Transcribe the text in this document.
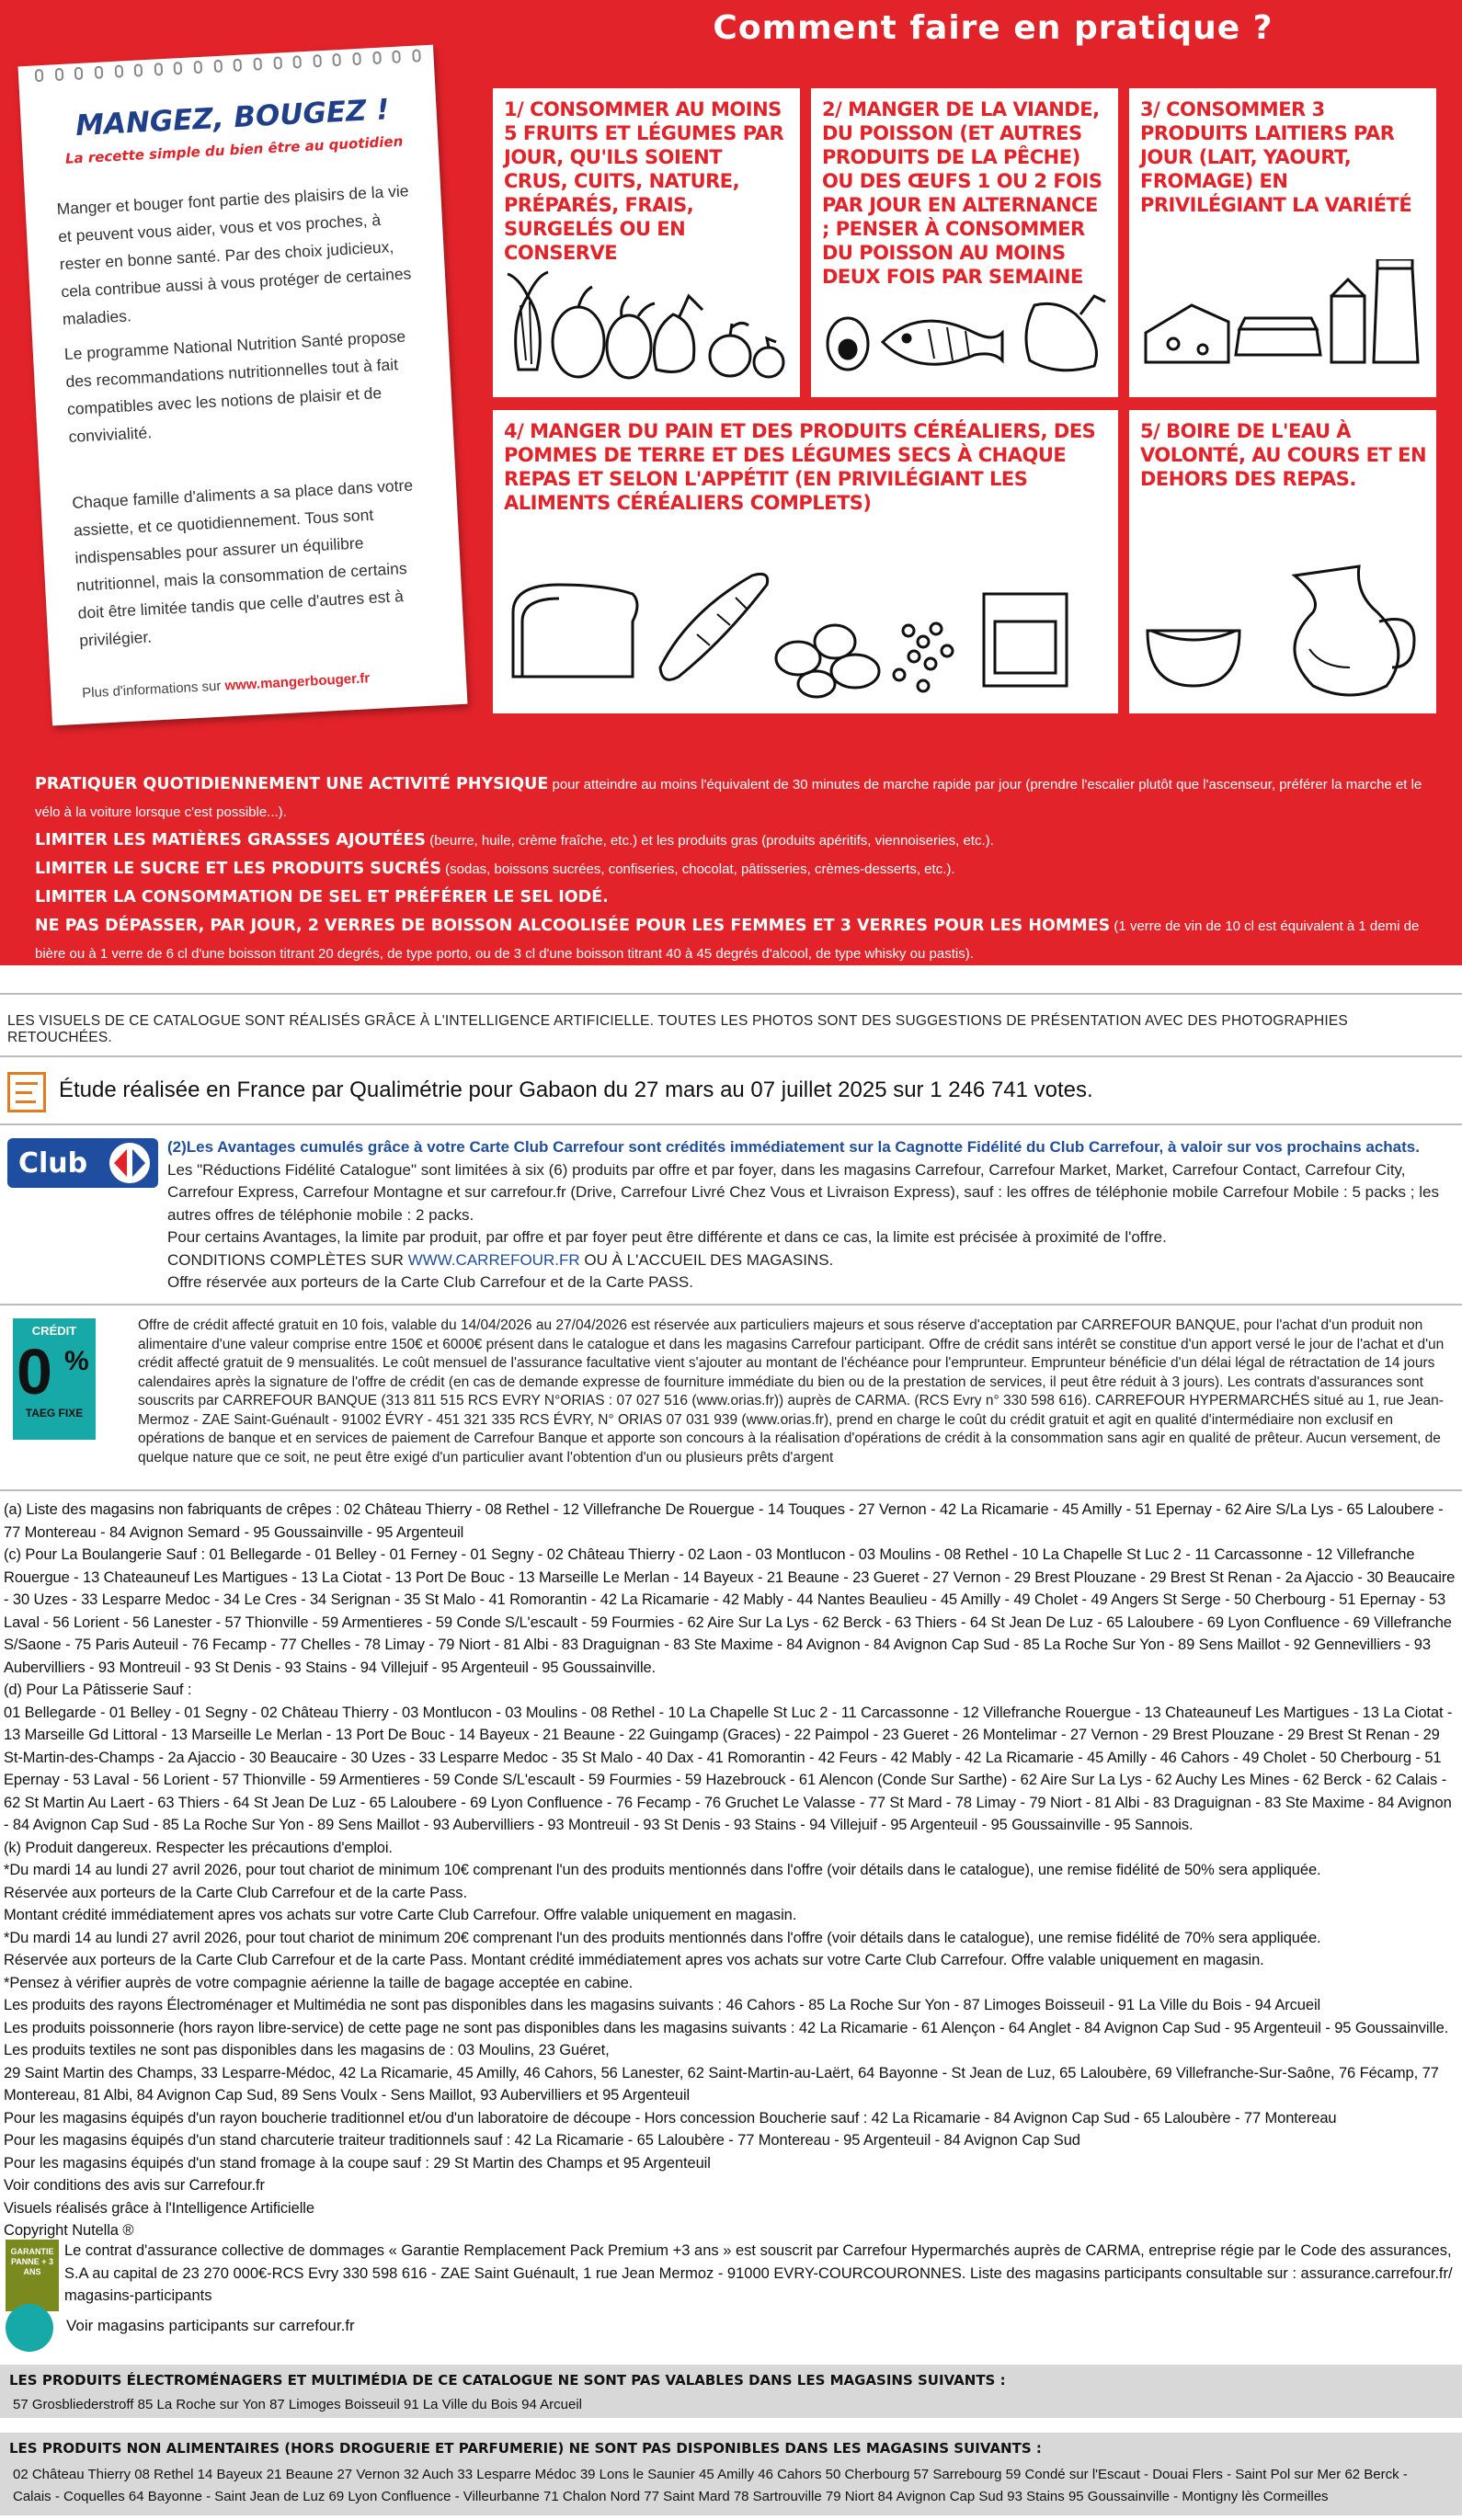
Comment faire en pratique ?
MANGEZ, BOUGEZ !
La recette simple du bien être au quotidien
Manger et bouger font partie des plaisirs de la vie et peuvent vous aider, vous et vos proches, à rester en bonne santé. Par des choix judicieux, cela contribue aussi à vous protéger de certaines maladies.
Le programme National Nutrition Santé propose des recommandations nutritionnelles tout à fait compatibles avec les notions de plaisir et de convivialité.
Chaque famille d'aliments a sa place dans votre assiette, et ce quotidiennement. Tous sont indispensables pour assurer un équilibre nutritionnel, mais la consommation de certains doit être limitée tandis que celle d'autres est à privilégier.
Plus d'informations sur www.mangerbouger.fr
1/ CONSOMMER AU MOINS 5 FRUITS ET LÉGUMES PAR JOUR, QU'ILS SOIENT CRUS, CUITS, NATURE, PRÉPARÉS, FRAIS, SURGELÉS OU EN CONSERVE
2/ MANGER DE LA VIANDE, DU POISSON (ET AUTRES PRODUITS DE LA PÊCHE) OU DES ŒUFS 1 OU 2 FOIS PAR JOUR EN ALTERNANCE ; PENSER À CONSOMMER DU POISSON AU MOINS DEUX FOIS PAR SEMAINE
3/ CONSOMMER 3 PRODUITS LAITIERS PAR JOUR (LAIT, YAOURT, FROMAGE) EN PRIVILÉGIANT LA VARIÉTÉ
4/ MANGER DU PAIN ET DES PRODUITS CÉRÉALIERS, DES POMMES DE TERRE ET DES LÉGUMES SECS À CHAQUE REPAS ET SELON L'APPÉTIT (EN PRIVILÉGIANT LES ALIMENTS CÉRÉALIERS COMPLETS)
5/ BOIRE DE L'EAU À VOLONTÉ, AU COURS ET EN DEHORS DES REPAS.
PRATIQUER QUOTIDIENNEMENT UNE ACTIVITÉ PHYSIQUE pour atteindre au moins l'équivalent de 30 minutes de marche rapide par jour (prendre l'escalier plutôt que l'ascenseur, préférer la marche et le vélo à la voiture lorsque c'est possible...).
LIMITER LES MATIÈRES GRASSES AJOUTÉES (beurre, huile, crème fraîche, etc.) et les produits gras (produits apéritifs, viennoiseries, etc.).
LIMITER LE SUCRE ET LES PRODUITS SUCRÉS (sodas, boissons sucrées, confiseries, chocolat, pâtisseries, crèmes-desserts, etc.).
LIMITER LA CONSOMMATION DE SEL ET PRÉFÉRER LE SEL IODÉ.
NE PAS DÉPASSER, PAR JOUR, 2 VERRES DE BOISSON ALCOOLISÉE POUR LES FEMMES ET 3 VERRES POUR LES HOMMES (1 verre de vin de 10 cl est équivalent à 1 demi de bière ou à 1 verre de 6 cl d'une boisson titrant 20 degrés, de type porto, ou de 3 cl d'une boisson titrant 40 à 45 degrés d'alcool, de type whisky ou pastis).
LES VISUELS DE CE CATALOGUE SONT RÉALISÉS GRÂCE À L'INTELLIGENCE ARTIFICIELLE. TOUTES LES PHOTOS SONT DES SUGGESTIONS DE PRÉSENTATION AVEC DES PHOTOGRAPHIES RETOUCHÉES.
Étude réalisée en France par Qualimétrie pour Gabaon du 27 mars au 07 juillet 2025 sur 1 246 741 votes.
Club
(2)Les Avantages cumulés grâce à votre Carte Club Carrefour sont crédités immédiatement sur la Cagnotte Fidélité du Club Carrefour, à valoir sur vos prochains achats.
Les "Réductions Fidélité Catalogue" sont limitées à six (6) produits par offre et par foyer, dans les magasins Carrefour, Carrefour Market, Market, Carrefour Contact, Carrefour City, Carrefour Express, Carrefour Montagne et sur carrefour.fr (Drive, Carrefour Livré Chez Vous et Livraison Express), sauf : les offres de téléphonie mobile Carrefour Mobile : 5 packs ; les autres offres de téléphonie mobile : 2 packs.
Pour certains Avantages, la limite par produit, par offre et par foyer peut être différente et dans ce cas, la limite est précisée à proximité de l'offre.
CONDITIONS COMPLÈTES SUR WWW.CARREFOUR.FR OU À L'ACCUEIL DES MAGASINS.
Offre réservée aux porteurs de la Carte Club Carrefour et de la Carte PASS.
CRÉDIT
0 %
TAEG FIXE
Offre de crédit affecté gratuit en 10 fois, valable du 14/04/2026 au 27/04/2026 est réservée aux particuliers majeurs et sous réserve d'acceptation par CARREFOUR BANQUE, pour l'achat d'un produit non alimentaire d'une valeur comprise entre 150€ et 6000€ présent dans le catalogue et dans les magasins Carrefour participant. Offre de crédit sans intérêt se constitue d'un apport versé le jour de l'achat et d'un crédit affecté gratuit de 9 mensualités. Le coût mensuel de l'assurance facultative vient s'ajouter au montant de l'échéance pour l'emprunteur. Emprunteur bénéficie d'un délai légal de rétractation de 14 jours calendaires après la signature de l'offre de crédit (en cas de demande expresse de fourniture immédiate du bien ou de la prestation de services, il peut être réduit à 3 jours). Les contrats d'assurances sont souscrits par CARREFOUR BANQUE (313 811 515 RCS EVRY N°ORIAS : 07 027 516 (www.orias.fr)) auprès de CARMA. (RCS Evry n° 330 598 616). CARREFOUR HYPERMARCHÉS situé au 1, rue Jean-Mermoz - ZAE Saint-Guénault - 91002 ÉVRY - 451 321 335 RCS ÉVRY, N° ORIAS 07 031 939 (www.orias.fr), prend en charge le coût du crédit gratuit et agit en qualité d'intermédiaire non exclusif en opérations de banque et en services de paiement de Carrefour Banque et apporte son concours à la réalisation d'opérations de crédit à la consommation sans agir en qualité de prêteur. Aucun versement, de quelque nature que ce soit, ne peut être exigé d'un particulier avant l'obtention d'un ou plusieurs prêts d'argent

(a) Liste des magasins non fabriquants de crêpes : 02 Château Thierry - 08 Rethel - 12 Villefranche De Rouergue - 14 Touques - 27 Vernon - 42 La Ricamarie - 45 Amilly - 51 Epernay - 62 Aire S/La Lys - 65 Laloubere - 77 Montereau - 84 Avignon Semard - 95 Goussainville - 95 Argenteuil

(c) Pour La Boulangerie Sauf : 01 Bellegarde - 01 Belley - 01 Ferney - 01 Segny - 02 Château Thierry - 02 Laon - 03 Montlucon - 03 Moulins - 08 Rethel - 10 La Chapelle St Luc 2 - 11 Carcassonne - 12 Villefranche Rouergue - 13 Chateauneuf Les Martigues - 13 La Ciotat - 13 Port De Bouc - 13 Marseille Le Merlan - 14 Bayeux - 21 Beaune - 23 Gueret - 27 Vernon - 29 Brest Plouzane - 29 Brest St Renan - 2a Ajaccio - 30 Beaucaire - 30 Uzes - 33 Lesparre Medoc - 34 Le Cres - 34 Serignan - 35 St Malo - 41 Romorantin - 42 La Ricamarie - 42 Mably - 44 Nantes Beaulieu - 45 Amilly - 49 Cholet - 49 Angers St Serge - 50 Cherbourg - 51 Epernay - 53 Laval - 56 Lorient - 56 Lanester - 57 Thionville - 59 Armentieres - 59 Conde S/L'escault - 59 Fourmies - 62 Aire Sur La Lys - 62 Berck - 63 Thiers - 64 St Jean De Luz - 65 Laloubere - 69 Lyon Confluence - 69 Villefranche S/Saone - 75 Paris Auteuil - 76 Fecamp - 77 Chelles - 78 Limay - 79 Niort - 81 Albi - 83 Draguignan - 83 Ste Maxime - 84 Avignon - 84 Avignon Cap Sud - 85 La Roche Sur Yon - 89 Sens Maillot - 92 Gennevilliers - 93 Aubervilliers - 93 Montreuil - 93 St Denis - 93 Stains - 94 Villejuif - 95 Argenteuil - 95 Goussainville.

(d) Pour La Pâtisserie Sauf :

01 Bellegarde - 01 Belley - 01 Segny - 02 Château Thierry - 03 Montlucon - 03 Moulins - 08 Rethel - 10 La Chapelle St Luc 2 - 11 Carcassonne - 12 Villefranche Rouergue - 13 Chateauneuf Les Martigues - 13 La Ciotat - 13 Marseille Gd Littoral - 13 Marseille Le Merlan - 13 Port De Bouc - 14 Bayeux - 21 Beaune - 22 Guingamp (Graces) - 22 Paimpol - 23 Gueret - 26 Montelimar - 27 Vernon - 29 Brest Plouzane - 29 Brest St Renan - 29 St-Martin-des-Champs - 2a Ajaccio - 30 Beaucaire - 30 Uzes - 33 Lesparre Medoc - 35 St Malo - 40 Dax - 41 Romorantin - 42 Feurs - 42 Mably - 42 La Ricamarie - 45 Amilly - 46 Cahors - 49 Cholet - 50 Cherbourg - 51 Epernay - 53 Laval - 56 Lorient - 57 Thionville - 59 Armentieres - 59 Conde S/L'escault - 59 Fourmies - 59 Hazebrouck - 61 Alencon (Conde Sur Sarthe) - 62 Aire Sur La Lys - 62 Auchy Les Mines - 62 Berck - 62 Calais - 62 St Martin Au Laert - 63 Thiers - 64 St Jean De Luz - 65 Laloubere - 69 Lyon Confluence - 76 Fecamp - 76 Gruchet Le Valasse - 77 St Mard - 78 Limay - 79 Niort - 81 Albi - 83 Draguignan - 83 Ste Maxime - 84 Avignon - 84 Avignon Cap Sud - 85 La Roche Sur Yon - 89 Sens Maillot - 93 Aubervilliers - 93 Montreuil - 93 St Denis - 93 Stains - 94 Villejuif - 95 Argenteuil - 95 Goussainville - 95 Sannois.

(k) Produit dangereux. Respecter les précautions d'emploi.

*Du mardi 14 au lundi 27 avril 2026, pour tout chariot de minimum 10€ comprenant l'un des produits mentionnés dans l'offre (voir détails dans le catalogue), une remise fidélité de 50% sera appliquée.

Réservée aux porteurs de la Carte Club Carrefour et de la carte Pass.

Montant crédité immédiatement apres vos achats sur votre Carte Club Carrefour. Offre valable uniquement en magasin.

*Du mardi 14 au lundi 27 avril 2026, pour tout chariot de minimum 20€ comprenant l'un des produits mentionnés dans l'offre (voir détails dans le catalogue), une remise fidélité de 70% sera appliquée.

Réservée aux porteurs de la Carte Club Carrefour et de la carte Pass. Montant crédité immédiatement apres vos achats sur votre Carte Club Carrefour. Offre valable uniquement en magasin.

*Pensez à vérifier auprès de votre compagnie aérienne la taille de bagage acceptée en cabine.

Les produits des rayons Électroménager et Multimédia ne sont pas disponibles dans les magasins suivants : 46 Cahors - 85 La Roche Sur Yon - 87 Limoges Boisseuil - 91 La Ville du Bois - 94 Arcueil

Les produits poissonnerie (hors rayon libre-service) de cette page ne sont pas disponibles dans les magasins suivants : 42 La Ricamarie - 61 Alençon - 64 Anglet - 84 Avignon Cap Sud - 95 Argenteuil - 95 Goussainville.

Les produits textiles ne sont pas disponibles dans les magasins de : 03 Moulins, 23 Guéret,

29 Saint Martin des Champs, 33 Lesparre-Médoc, 42 La Ricamarie, 45 Amilly, 46 Cahors, 56 Lanester, 62 Saint-Martin-au-Laërt, 64 Bayonne - St Jean de Luz, 65 Laloubère, 69 Villefranche-Sur-Saône, 76 Fécamp, 77 Montereau, 81 Albi, 84 Avignon Cap Sud, 89 Sens Voulx - Sens Maillot, 93 Aubervilliers et 95 Argenteuil

Pour les magasins équipés d'un rayon boucherie traditionnel et/ou d'un laboratoire de découpe - Hors concession Boucherie sauf : 42 La Ricamarie - 84 Avignon Cap Sud - 65 Laloubère - 77 Montereau

Pour les magasins équipés d'un stand charcuterie traiteur traditionnels sauf : 42 La Ricamarie - 65 Laloubère - 77 Montereau - 95 Argenteuil - 84 Avignon Cap Sud

Pour les magasins équipés d'un stand fromage à la coupe sauf : 29 St Martin des Champs et 95 Argenteuil

Voir conditions des avis sur Carrefour.fr

Visuels réalisés grâce à l'Intelligence Artificielle

Copyright Nutella ®

GARANTIE PANNE + 3 ANS
Le contrat d'assurance collective de dommages « Garantie Remplacement Pack Premium +3 ans » est souscrit par Carrefour Hypermarchés auprès de CARMA, entreprise régie par le Code des assurances, S.A au capital de 23 270 000€-RCS Evry 330 598 616 - ZAE Saint Guénault, 1 rue Jean Mermoz - 91000 EVRY-COURCOURONNES. Liste des magasins participants consultable sur : assurance.carrefour.fr/ magasins-participants
Voir magasins participants sur carrefour.fr
LES PRODUITS ÉLECTROMÉNAGERS ET MULTIMÉDIA DE CE CATALOGUE NE SONT PAS VALABLES DANS LES MAGASINS SUIVANTS :
57 Grosbliederstroff 85 La Roche sur Yon 87 Limoges Boisseuil 91 La Ville du Bois 94 Arcueil
LES PRODUITS NON ALIMENTAIRES (HORS DROGUERIE ET PARFUMERIE) NE SONT PAS DISPONIBLES DANS LES MAGASINS SUIVANTS :
02 Château Thierry 08 Rethel 14 Bayeux 21 Beaune 27 Vernon 32 Auch 33 Lesparre Médoc 39 Lons le Saunier 45 Amilly 46 Cahors 50 Cherbourg 57 Sarrebourg 59 Condé sur l'Escaut - Douai Flers - Saint Pol sur Mer 62 Berck - Calais - Coquelles 64 Bayonne - Saint Jean de Luz 69 Lyon Confluence - Villeurbanne 71 Chalon Nord 77 Saint Mard 78 Sartrouville 79 Niort 84 Avignon Cap Sud 93 Stains 95 Goussainville - Montigny lès Cormeilles
